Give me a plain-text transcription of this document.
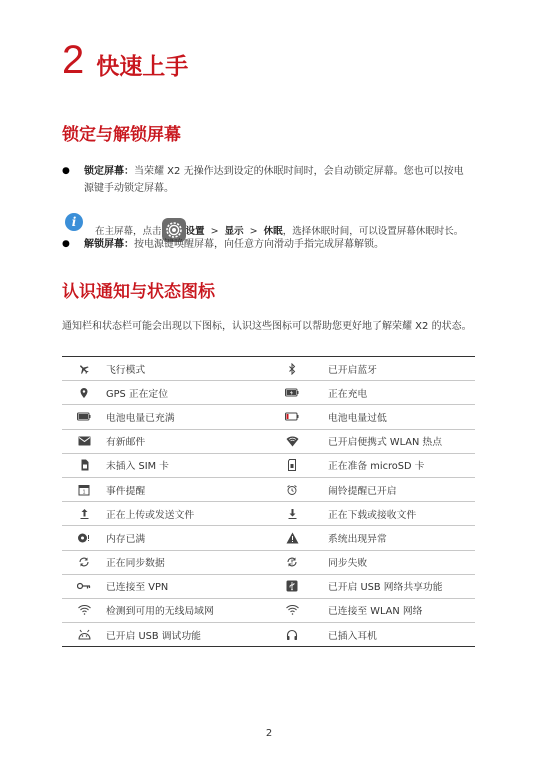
2 快速上手
锁定与解锁屏幕
● 锁定屏幕：当荣耀 X2 无操作达到设定的休眠时间时，会自动锁定屏幕。您也可以按电
源键手动锁定屏幕。
i
在主屏幕，点击	设置 > 显示 > 休眠，选择休眠时间，可以设置屏幕休眠时长。
● 解锁屏幕：按电源键唤醒屏幕，向任意方向滑动手指完成屏幕解锁。
认识通知与状态图标
通知栏和状态栏可能会出现以下图标，认识这些图标可以帮助您更好地了解荣耀 X2 的状态。
	飞行模式		已开启蓝牙
	GPS 正在定位		正在充电
	电池电量已充满		电池电量过低
	有新邮件		已开启便携式 WLAN 热点
	未插入 SIM 卡		正在准备 microSD 卡

1	事件提醒		闹铃提醒已开启
	正在上传或发送文件		正在下载或接收文件
	内存已满		系统出现异常
	正在同步数据		同步失败
	已连接至 VPN		已开启 USB 网络共享功能
	检测到可用的无线局域网		已连接至 WLAN 网络
	已开启 USB 调试功能		已插入耳机
2
